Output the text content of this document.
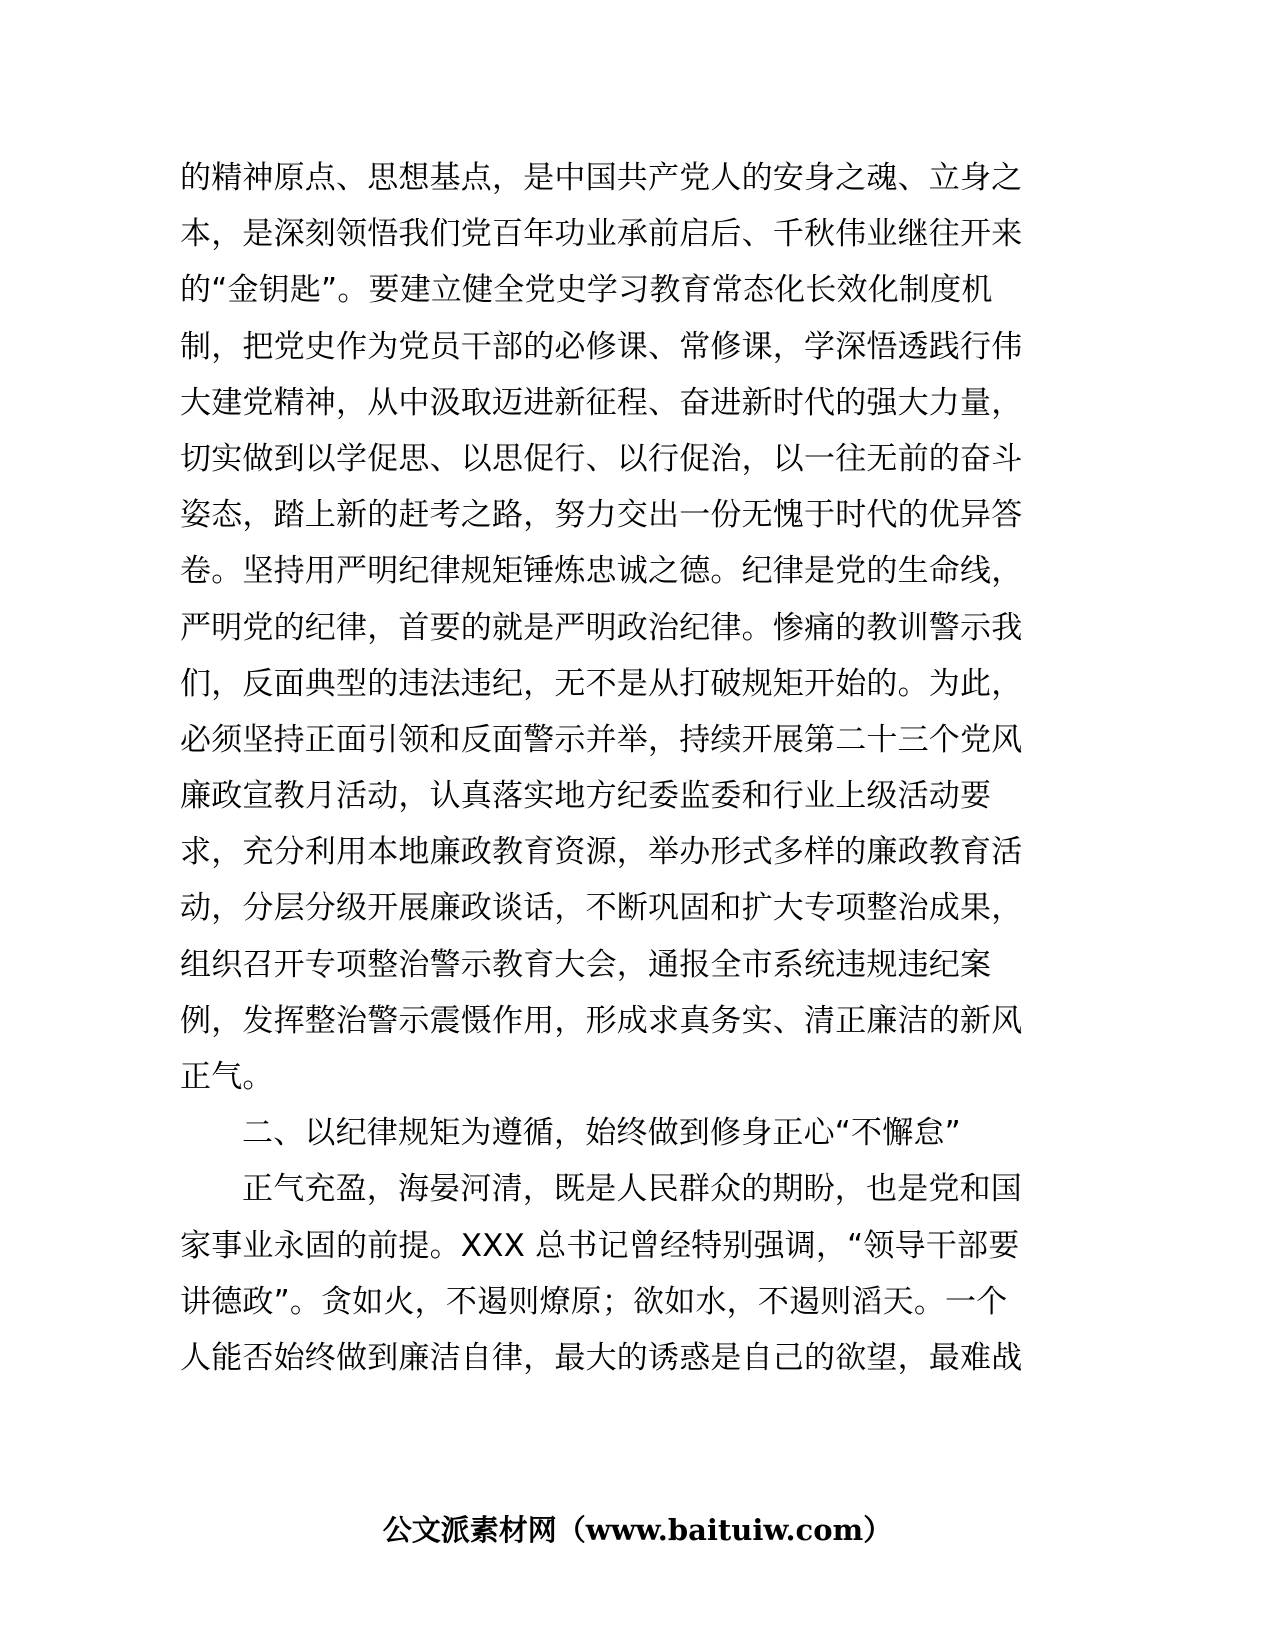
的精神原点、思想基点，是中国共产党人的安身之魂、立身之
本，是深刻领悟我们党百年功业承前启后、千秋伟业继往开来
的“金钥匙”。要建立健全党史学习教育常态化长效化制度机
制，把党史作为党员干部的必修课、常修课，学深悟透践行伟
大建党精神，从中汲取迈进新征程、奋进新时代的强大力量，
切实做到以学促思、以思促行、以行促治，以一往无前的奋斗
姿态，踏上新的赶考之路，努力交出一份无愧于时代的优异答
卷。坚持用严明纪律规矩锤炼忠诚之德。纪律是党的生命线，
严明党的纪律，首要的就是严明政治纪律。惨痛的教训警示我
们，反面典型的违法违纪，无不是从打破规矩开始的。为此，
必须坚持正面引领和反面警示并举，持续开展第二十三个党风
廉政宣教月活动，认真落实地方纪委监委和行业上级活动要
求，充分利用本地廉政教育资源，举办形式多样的廉政教育活
动，分层分级开展廉政谈话，不断巩固和扩大专项整治成果，
组织召开专项整治警示教育大会，通报全市系统违规违纪案
例，发挥整治警示震慑作用，形成求真务实、清正廉洁的新风
正气。
二、以纪律规矩为遵循，始终做到修身正心“不懈怠”
正气充盈，海晏河清，既是人民群众的期盼，也是党和国
家事业永固的前提。XXX 总书记曾经特别强调，“领导干部要
讲德政”。贪如火，不遏则燎原；欲如水，不遏则滔天。一个
人能否始终做到廉洁自律，最大的诱惑是自己的欲望，最难战
公文派素材网（www.baituiw.com）
